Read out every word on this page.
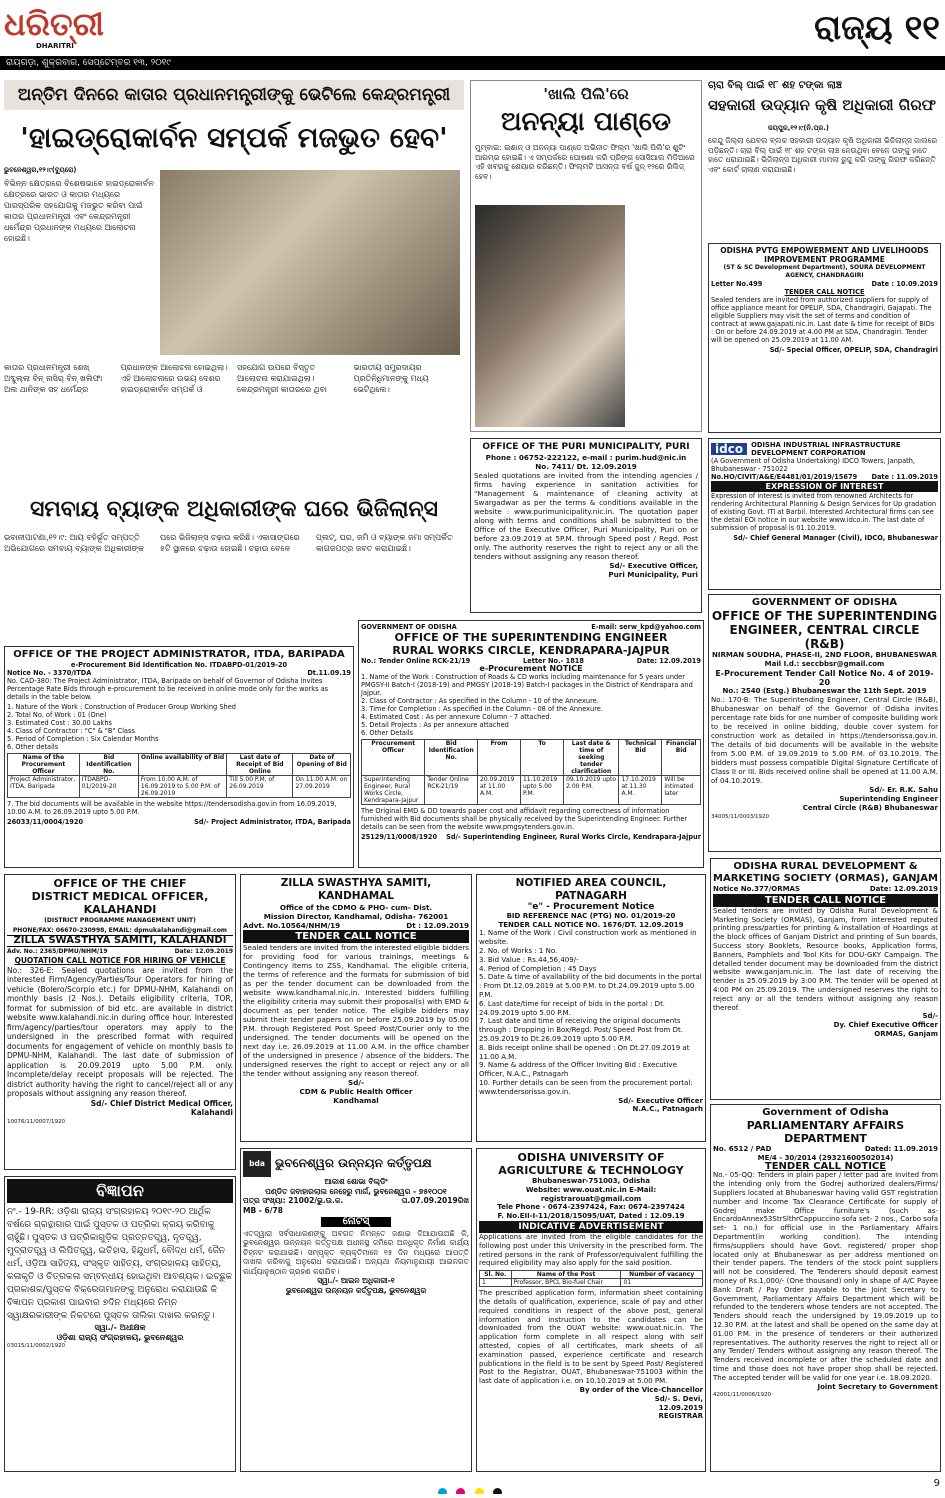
ଧରିତ୍ରୀ
DHARITRI
ରାୟଗଡ଼ା, ଶୁକ୍ରବାର, ସେପ୍ଟେମ୍ବର ୧୩, ୨୦୧୯
ରାଜ୍ୟ ୧୧
ଅନ୍ତିମ ଦିନରେ କାତାର ପ୍ରଧାନମନ୍ତ୍ରୀଙ୍କୁ ଭେଟିଲେ କେନ୍ଦ୍ରମନ୍ତ୍ରୀ
'ହାଇଡ୍ରୋକାର୍ବନ ସମ୍ପର୍କ ମଜଭୁତ ହେବ'
ଭୁବନେଶ୍ୱର,୧୨।୯(ବ୍ୟୁରୋ)
ବିଭିନ୍ନ କ୍ଷେତ୍ରରେ ବିଶେଷଭାବେ ହାଇଡ୍ରୋକାର୍ବନ କ୍ଷେତ୍ରରେ ଭାରତ ଓ କାତାର ମଧ୍ୟରେ ପାରସ୍ପରିକ ସହଯୋଗକୁ ମଜଭୁତ କରିବା ପାଇଁ କାତାର ପ୍ରଧାନମନ୍ତ୍ରୀ ଏବଂ କେନ୍ଦ୍ରମନ୍ତ୍ରୀ ଧର୍ମେନ୍ଦ୍ର ପ୍ରଧାନଙ୍କ ମଧ୍ୟରେ ଆଲୋଚନା ହୋଇଛି।
କାତାର ପ୍ରଧାନମନ୍ତ୍ରୀ ଶେଖ୍ ଅବ୍ଦୁଲ୍ଲା ବିନ୍ ନାସିର୍ ବିନ୍ ଖଲିଫା ଅଲ ଥାନିଙ୍କ ସହ ଧର୍ମେନ୍ଦ୍ର ପ୍ରଧାନଙ୍କ ଆଲୋଚନା ହୋଇଥିଲା। ଏହି ଆଲୋଚନାରେ ଉଭୟ ଦେଶର ହାଇଡ୍ରୋକାର୍ବନ ସମ୍ପର୍କ ଓ ସହଯୋଗ ଉପରେ ବିସ୍ତୃତ ଆଲୋଚନା କରାଯାଇଥିଲା। କେନ୍ଦ୍ରମନ୍ତ୍ରୀ କାତାରରେ ଥିବା ଭାରତୀୟ ସମ୍ପ୍ରଦାୟର ପ୍ରତିନିଧିମାନଙ୍କୁ ମଧ୍ୟ ଭେଟିଥିଲେ।
'ଖାଲି ପିଲି'ରେ
ଅନନ୍ୟା ପାଣ୍ଡେ
ମୁମ୍ବାଇ: ଇଶାନ୍ ଓ ଅନନ୍ୟା ପାଣ୍ଡେ ଅଭିନୀତ ଫିଲ୍ମ 'ଖାଲି ପିଲି'ର ଶୁଟିଂ ଆରମ୍ଭ ହୋଇଛି। ଏ ସମ୍ପର୍କରେ ଘୋଷଣା କରି ପ୍ରିଙ୍ଗ ସୋସିଆଲ ମିଡିଆରେ ଏହି ଖବରକୁ ଶେୟାର କରିଛନ୍ତି। ଫିଲ୍ମଟି ଆସନ୍ତା ବର୍ଷ ଜୁନ୍ ୧୨ରେ ରିଲିଜ୍ ହେବ।
ଚାରା ବିଲ୍ ପାଇଁ ୧୮ ଶହ ଟଙ୍କା ଲାଞ୍ଚ
ସହକାରୀ ଉଦ୍ୟାନ କୃଷି ଅଧିକାରୀ ଗିରଫ
ଜୟପୁର,୧୨।୯(ନି.ପ୍ର.)
କେନ୍ଦୁ ଜିଲ୍ଲା ଯେବଲ ବ୍ଲକ ସହକାରୀ ଉଦ୍ୟାନ କୃଷି ଅଧିକାରୀ ଭିଜିଲାନ୍ସ ଜାଲରେ ପଡ଼ିଛନ୍ତି। ଚାରା ବିଲ୍ ପାଇଁ ୧୮ ଶହ ଟଙ୍କା ଲାଞ୍ଚ ନେଉଥିବା ବେଳେ ତାଙ୍କୁ ହାତେ ହାତେ ଧରାଯାଇଛି। ଭିଜିଲାନ୍ସ ଅଧିକାରୀ ମାମଲା ରୁଜୁ କରି ତାଙ୍କୁ ଗିରଫ କରିଛନ୍ତି ଏବଂ କୋର୍ଟ ଚାଲାଣ କରାଯାଇଛି।
ODISHA PVTG EMPOWERMENT AND LIVELIHOODS IMPROVEMENT PROGRAMME
(ST & SC Development Department), SOURA DEVELOPMENT AGENCY, CHANDRAGIRI
Letter No.499	Date : 10.09.2019
TENDER CALL NOTICE

Sealed tenders are invited from authorized suppliers for supply of office appliance meant for OPELIP, SDA, Chandragiri, Gajapati. The eligible Suppliers may visit the set of terms and condition of contract at www.gajapati.nic.in. Last date & time for receipt of BIDs : On or before 24.09.2019 at 4.00 PM at SDA, Chandragiri. Tender will be opened on 25.09.2019 at 11.00 AM.

Sd/- Special Officer, OPELIP, SDA, Chandragiri
ସମବାୟ ବ୍ୟାଙ୍କ ଅଧିକାରୀଙ୍କ ଘରେ ଭିଜିଲାନ୍ସ
ଭବାନୀପାଟଣା,୧୨।୯: ଆୟ ବହିର୍ଭୂତ ସମ୍ପତ୍ତି ଅଭିଯୋଗରେ ସମବାୟ ବ୍ୟାଙ୍କ ଅଧିକାରୀଙ୍କ ଘରେ ଭିଜିଲାନ୍ସ ଚଢ଼ାଉ କରିଛି। ଏକାସାଙ୍ଗରେ ୫ଟି ସ୍ଥାନରେ ଚଢ଼ାଉ ହୋଇଛି। ଚଢ଼ାଉ ବେଳେ ପ୍ଲଟ୍, ଘର, ଜମି ଓ ବ୍ୟାଙ୍କ ଜମା ସମ୍ପର୍କିତ କାଗଜପତ୍ର ଜବତ କରାଯାଇଛି।
OFFICE OF THE PURI MUNICIPALITY, PURI
Phone : 06752-222122, e-mail : purim.hud@nic.in
No. 7411/ Dt. 12.09.2019
Sealed quotations are invited from the intending agencies / firms having experience in sanitation activities for "Management & maintenance of cleaning activity at Swargadwar as per the terms & conditions available in the website : www.purimunicipality.nic.in. The quotation paper along with terms and conditions shall be submitted to the Office of the Executive Officer, Puri Municipality, Puri on or before 23.09.2019 at 5P.M. through Speed post / Regd. Post only. The authority reserves the right to reject any or all the tenders without assigning any reason thereof.
Sd/- Executive Officer,
Puri Municipality, Puri
idco	ODISHA INDUSTRIAL INFRASTRUCTURE DEVELOPMENT CORPORATION
(A Government of Odisha Undertaking) IDCO Towers, Janpath, Bhubaneswar - 751022
No.HO/CIVIT/A&E/E4481/01/2019/15679 Date : 11.09.2019
EXPRESSION OF INTEREST

Expression of interest is invited from renowned Architects for rendering Architectural Planning & Design Services for Up gradation of existing Govt. ITI at Barbil. Interested Architectural firms can see the detail EOI notice in our website www.idco.in. The last date of submission of proposal is 01.10.2019.

Sd/- Chief General Manager (Civil), IDCO, Bhubaneswar
GOVERNMENT OF ODISHA
OFFICE OF THE SUPERINTENDING ENGINEER, CENTRAL CIRCLE (R&B)
NIRMAN SOUDHA, PHASE-II, 2ND FLOOR, BHUBANESWAR
Mail I.d.: seccbbsr@gmail.com
E-Procurement Tender Call Notice No. 4 of 2019-20
No.: 2540 (Estg.) Bhubaneswar the 11th Sept. 2019
No.: 170-B: The Superintending Engineer, Central Circle (R&B), Bhubaneswar on behalf of the Governor of Odisha invites percentage rate bids for one number of composite building work to be received in online bidding, double cover system for construction work as detailed in https://tendersorissa.gov.in. The details of bid documents will be available in the website from 5.00 P.M. of 19.09.2019 to 5.00 P.M. of 03.10.2019. The bidders must possess compatible Digital Signature Certificate of Class II or III. Bids received online shall be opened at 11.00 A.M. of 04.10.2019.
Sd/- Er. R.K. Sahu
Superintending Engineer
Central Circle (R&B) Bhubaneswar
34005/11/0003/1920
OFFICE OF THE PROJECT ADMINISTRATOR, ITDA, BARIPADA
e-Procurement Bid Identification No. ITDABPD-01/2019-20
Notice No. - 3370/ITDA	Dt.11.09.19

No. CAD-380: The Project Administrator, ITDA, Baripada on behalf of Governor of Odisha invites Percentage Rate Bids through e-procurement to be received in online mode only for the works as details in the table below.

1. Nature of the Work : Construction of Producer Group Working Shed
2. Total No. of Work : 01 (One)
3. Estimated Cost : 30.00 Lakhs
4. Class of Contractor : "C" & "B" Class
5. Period of Completion : Six Calendar Months
6. Other details
Name of the Procurement Officer	Bid Identification No.	Online availability of Bid	Last date of Receipt of Bid Online	Date of Opening of Bid
Project Administrator, ITDA, Baripada	ITDABPD-01/2019-20	From 10.00 A.M. of 16.09.2019 to 5.00 P.M. of 26.09.2019	Till 5.00 P.M. of 26.09.2019	On 11.00 A.M. on 27.09.2019

7. The bid documents will be available in the website https://tendersodisha.gov.in from 16.09.2019, 10.00 A.M. to 26.09.2019 upto 5.00 P.M.

26033/11/0004/1920	Sd/- Project Administrator, ITDA, Baripada
GOVERNMENT OF ODISHA	E-mail: serw_kpd@yahoo.com
OFFICE OF THE SUPERINTENDING ENGINEER
RURAL WORKS CIRCLE, KENDRAPARA-JAJPUR
No.: Tender Online RCK-21/19	Letter No.- 1818	Date: 12.09.2019
e-Procurement NOTICE
1. Name of the Work : Construction of Roads & CD works including maintenance for 5 years under PMGSY-II Batch-I (2018-19) and PMGSY (2018-19) Batch-I packages in the District of Kendrapara and Jajpur.
2. Class of Contractor : As specified in the Column - 10 of the Annexure.
3. Time for Completion : As specified in the Column - 08 of the Annexure.
4. Estimated Cost : As per annexure Column - 7 attached.
5. Detail Projects : As per annexure attached
6. Other Details
Procurement Officer	Bid Identification No.	From	To	Last date & time of seeking tender clarification	Technical Bid	Financial Bid
Superintending Engineer, Rural Works Circle, Kendrapara-Jajpur	Tender Online RCK-21/19	20.09.2019 at 11.00 A.M.	11.10.2019 upto 5.00 P.M.	09.10.2019 upto 2.00 P.M.	17.10.2019 at 11.30 A.M.	Will be intimated later

The Original EMD & DD towards paper cost and affidavit regarding correctness of information furnished with Bid documents shall be physically received by the Superintending Engineer. Further details can be seen from the website www.pmgsytenders.gov.in.

25129/11/0008/1920 Sd/- Superintending Engineer, Rural Works Circle, Kendrapara-Jajpur
OFFICE OF THE CHIEF
DISTRICT MEDICAL OFFICER, KALAHANDI
(DISTRICT PROGRAMME MANAGEMENT UNIT)
PHONE/FAX: 06670-230998, EMAIL: dpmukalahandi@gmail.com
ZILLA SWASTHYA SAMITI, KALAHANDI
Adv. No.: 2365/DPMU/NHM/19	Date: 12.09.2019
QUOTATION CALL NOTICE FOR HIRING OF VEHICLE
No.: 326-E: Sealed quotations are invited from the interested Firm/Agency/Parties/Tour Operators for hiring of vehicle (Bolero/Scorpio etc.) for DPMU-NHM, Kalahandi on monthly basis (2 Nos.). Details eligibility criteria, TOR, format for submission of bid etc. are available in district website www.kalahandi.nic.in during office hour. Interested firm/agency/parties/tour operators may apply to the undersigned in the prescribed format with required documents for engagement of vehicle on monthly basis to DPMU-NHM, Kalahandi. The last date of submission of application is 20.09.2019 upto 5.00 P.M. only. Incomplete/delay receipt proposals will be rejected. The district authority having the right to cancel/reject all or any proposals without assigning any reason thereof.
Sd/- Chief District Medical Officer,
Kalahandi
10076/11/0007/1920
ZILLA SWASTHYA SAMITI, KANDHAMAL
Office of the CDMO & PHO- cum- Dist.
Mission Director, Kandhamal, Odisha- 762001
Advt. No.10564/NHM/19	Dt : 12.09.2019
TENDER CALL NOTICE
Sealed tenders are invited from the interested eligible bidders for providing food for various trainings, meetings & Contingency items to ZSS, Kandhamal. The eligible criteria, the terms of reference and the formats for submission of bid as per the tender document can be downloaded from the website www.kandhamal.nic.in. Interested bidders fulfilling the eligibility criteria may submit their proposal(s) with EMD & document as per tender notice. The eligible bidders may submit their tender papers on or before 25.09.2019 by 05.00 P.M. through Registered Post Speed Post/Courier only to the undersigned. The tender documents will be opened on the next day i.e. 26.09.2019 at 11.00 A.M. in the office chamber of the undersigned in presence / absence of the bidders. The undersigned reserves the right to accept or reject any or all the tender without assigning any reason thereof.
Sd/-
CDM & Public Health Officer
Kandhamal
NOTIFIED AREA COUNCIL, PATNAGARH
"e" - Procurement Notice
BID REFERENCE NAC (PTG) NO. 01/2019-20
TENDER CALL NOTICE NO. 1676/DT. 12.09.2019
1. Name of the Work : Civil construction work as mentioned in website.
2. No. of Works : 1 No.
3. Bid Value : Rs.44,56,409/-
4. Period of Completion : 45 Days
5. Date & time of availability of the bid documents in the portal : From Dt.12.09.2019 at 5.00 P.M. to Dt.24.09.2019 upto 5.00 P.M.
6. Last date/time for receipt of bids in the portal : Dt. 24.09.2019 upto 5.00 P.M.
7. Last date and time of receiving the original documents through : Dropping in Box/Regd. Post/ Speed Post from Dt. 25.09.2019 to Dt.26.09.2019 upto 5.00 P.M.
8. Bids receipt online shall be opened : On Dt.27.09.2019 at 11.00 A.M.
9. Name & address of the Officer Inviting Bid : Executive Officer, N.A.C., Patnagarh
10. Further details can be seen from the procurement portal: www.tendersorissa.gov.in.
Sd/- Executive Officer
N.A.C., Patnagarh
ODISHA RURAL DEVELOPMENT & MARKETING SOCIETY (ORMAS), GANJAM
Notice No.377/ORMAS	Date: 12.09.2019
TENDER CALL NOTICE
Sealed tenders are invited by Odisha Rural Development & Marketing Society (ORMAS), Ganjam, from interested reputed printing press/parties for printing & installation of Hoardings at the block offices of Ganjam District and printing of Sun boards, Success story Booklets, Resource books, Application forms, Banners, Pamphlets and Tool Kits for DDU-GKY Campaign. The detailed tender document may be downloaded from the district website www.ganjam.nic.in. The last date of receiving the tender is 25.09.2019 by 3:00 P.M. The tender will be opened at 4:00 PM on 25.09.2019. The undersigned reserves the right to reject any or all the tenders without assigning any reason thereof.
Sd/-
Dy. Chief Executive Officer
ORMAS, Ganjam
ବିଜ୍ଞାପନ
ନଂ.- 19-RR: ଓଡ଼ିଶା ରାଜ୍ୟ ସଂଗ୍ରହାଳୟ ୨୦୧୯-୨୦ ଆର୍ଥିକ ବର୍ଷରେ ଗ୍ରନ୍ଥାଗାର ପାଇଁ ପୁସ୍ତକ ଓ ପତ୍ରିକା କ୍ରୟ କରିବାକୁ ଚାହୁଁଛି। ପୁସ୍ତକ ଓ ପତ୍ରିକାଗୁଡ଼ିକ ପ୍ରତ୍ନତତ୍ତ୍ୱ, ନୃତତ୍ତ୍ୱ, ମୁଦ୍ରାତତ୍ତ୍ୱ ଓ ଲିପିତତ୍ତ୍ୱ, ଇତିହାସ, ହିନ୍ଦୁଧର୍ମ, ବୌଦ୍ଧ ଧର୍ମ, ଜୈନ ଧର୍ମ, ଓଡ଼ିଆ ସାହିତ୍ୟ, ସଂସ୍କୃତ ସାହିତ୍ୟ, ସଂଗ୍ରହାଳୟ ସାହିତ୍ୟ, କଳାକୃତି ଓ ଚିତ୍ରକଳା ସମ୍ବନ୍ଧୀୟ ହୋଇଥିବା ଆବଶ୍ୟକ। ଇଚ୍ଛୁକ ପ୍ରକାଶକ/ପୁସ୍ତକ ବିକ୍ରେତାମାନଙ୍କୁ ଅନୁରୋଧ କରାଯାଉଛି କି ବିଜ୍ଞାପନ ପ୍ରକାଶ ପାଇବାର ୭ଦିନ ମଧ୍ୟରେ ନିମ୍ନ ସ୍ୱାକ୍ଷରକାରୀଙ୍କ ନିକଟରେ ପୁସ୍ତକ ତାଲିକା ଦାଖଲ କରନ୍ତୁ।
ସ୍ୱା./- ଅଧୀକ୍ଷକ
ଓଡ଼ିଶା ରାଜ୍ୟ ସଂଗ୍ରହାଳୟ, ଭୁବନେଶ୍ୱର
03015/11/0002/1920
bda ଭୁବନେଶ୍ୱର ଉନ୍ନୟନ କର୍ତ୍ତୃପକ୍ଷ
ଆକାଶ ଶୋଭା ବିଲ୍ଡିଂ
ପଣ୍ଡିତ ଜବାହାରଲାଲ ନେହେରୁ ମାର୍ଗ, ଭୁବନେଶ୍ୱର - ୭୫୧୦୦୧
ପତ୍ର ସଂଖ୍ୟା: 21002/ଭୁ.ଉ.କ.	ତା.07.09.2019ରିଖ
MB - 6/78
ନୋଟିସ୍
ଏତଦ୍ୱାରା ସର୍ବସାଧାରଣଙ୍କୁ ଅବଗତ ନିମନ୍ତେ ଜଣାଇ ଦିଆଯାଉଅଛି କି, ଭୁବନେଶ୍ୱର ଉନ୍ନୟନ କର୍ତ୍ତୃପକ୍ଷ ଅଧୀନସ୍ଥ ଜମିରେ ଅନଧିକୃତ ନିର୍ମାଣ କାର୍ଯ୍ୟ ଚିହ୍ନଟ କରାଯାଇଛି। ସମ୍ପୃକ୍ତ ବ୍ୟକ୍ତିମାନେ ୧୫ ଦିନ ମଧ୍ୟରେ ଆପତ୍ତି ଦାଖଲ କରିବାକୁ ଅନୁରୋଧ କରାଯାଉଛି। ଅନ୍ୟଥା ନିୟମାନୁଯାୟୀ ଆଇନଗତ କାର୍ଯ୍ୟାନୁଷ୍ଠାନ ଗ୍ରହଣ କରାଯିବ।
ସ୍ୱା./- ଆଇନ ଅଧିକାରୀ-୧
ଭୁବନେଶ୍ୱର ଉନ୍ନୟନ କର୍ତ୍ତୃପକ୍ଷ, ଭୁବନେଶ୍ୱର
ODISHA UNIVERSITY OF
AGRICULTURE & TECHNOLOGY
Bhubaneswar-751003, Odisha
Website: www.ouat.nic.in E-Mail: registrarouat@gmail.com
Tele Phone - 0674-2397424, Fax: 0674-2397424
F. No.EII-I-11/2018/15095/UAT, Dated : 12.09.19
INDICATIVE ADVERTISEMENT
Applications are invited from the eligible candidates for the following post under this University in the prescribed form. The retired persons in the rank of Professor/equivalent fulfilling the required eligibility may also apply for the said position.
Sl. No.	Name of the Post	Number of vacancy
1	Professor, BPCL Bio-fuel Chair	01
The prescribed application form, information sheet containing the details of qualification, experience, scale of pay and other required conditions in respect of the above post, general information and instruction to the candidates can be downloaded from the OUAT website: www.ouat.nic.in. The application form complete in all respect along with self attested, copies of all certificates, mark sheets of all examination passed, experience certificate and research publications in the field is to be sent by Speed Post/ Registered Post to the Registrar, OUAT, Bhubaneswar-751003 within the last date of application i.e. on 10.10.2019 at 5.00 PM.
By order of the Vice-Chancellor
Sd/- S. Devi,
12.09.2019
REGISTRAR
Government of Odisha
PARLIAMENTARY AFFAIRS DEPARTMENT
No. 6512 / PAD	Dated: 11.09.2019
ME/4 - 30/2014 (29321600502014)
TENDER CALL NOTICE
No.- 05-QQ: Tenders in plain paper / letter pad are invited from the intending only from the Godrej authorized dealers/Firms/ Suppliers located at Bhubaneswar having valid GST registration number and Income Tax Clearance Certificate for supply of Godrej make Office furniture's (such as- EncardoAnnex53StrSlthrCappuccino sofa set- 2 nos., Carbo sofa set- 1 no.) for official use in the Parliamentary Affairs Department(in working condition). The intending firms/suppliers should have Govt. registered/ proper shop located only at Bhubaneswar as per address mentioned on their tender papers. The tenders of the stock point suppliers will not be considered. The Tenderers should deposit earnest money of Rs.1,000/- (One thousand) only in shape of A/C Payee Bank Draft / Pay Order payable to the Joint Secretary to Government, Parliamentary Affairs Department which will be refunded to the tenderers whose tenders are not accepted. The Tenders should reach the undersigned by 19.09.2019 up to 12.30 P.M. at the latest and shall be opened on the same day at 01.00 P.M. in the presence of tenderers or their authorized representatives. The authority reserves the right to reject all or any Tender/ Tenders without assigning any reason thereof. The Tenders received incomplete or after the scheduled date and time and those does not have proper shop shall be rejected. The accepted tender will be valid for one year i.e. 18.09.2020.
Joint Secretary to Government
42001/11/0006/1920

9
